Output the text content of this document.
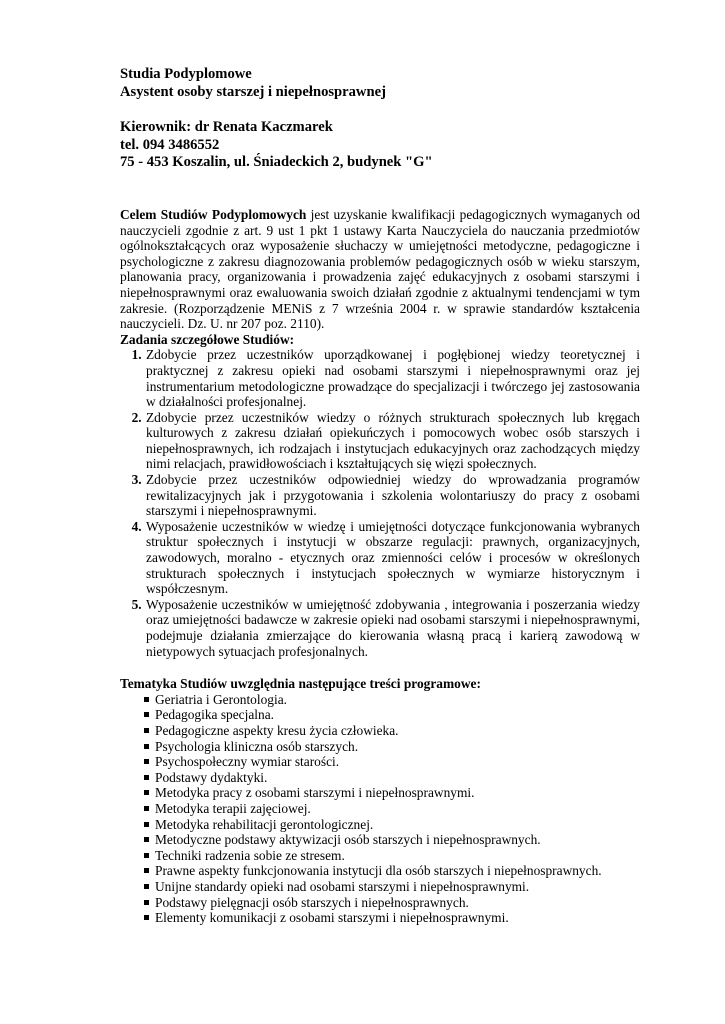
Studia Podyplomowe
Asystent osoby starszej i niepełnosprawnej
Kierownik: dr Renata Kaczmarek
tel. 094 3486552
75 - 453 Koszalin, ul. Śniadeckich 2, budynek "G"

Celem Studiów Podyplomowych jest uzyskanie kwalifikacji pedagogicznych wymaganych od nauczycieli zgodnie z art. 9 ust 1 pkt 1 ustawy Karta Nauczyciela do nauczania przedmiotów ogólnokształcących oraz wyposażenie słuchaczy w umiejętności metodyczne, pedagogiczne i psychologiczne z zakresu diagnozowania problemów pedagogicznych osób w wieku starszym, planowania pracy, organizowania i prowadzenia zajęć edukacyjnych z osobami starszymi i niepełnosprawnymi oraz ewaluowania swoich działań zgodnie z aktualnymi tendencjami w tym zakresie. (Rozporządzenie MENiS z 7 września 2004 r. w sprawie standardów kształcenia nauczycieli. Dz. U. nr 207 poz. 2110).

Zadania szczegółowe Studiów:

1. Zdobycie przez uczestników uporządkowanej i pogłębionej wiedzy teoretycznej i praktycznej z zakresu opieki nad osobami starszymi i niepełnosprawnymi oraz jej instrumentarium metodologiczne prowadzące do specjalizacji i twórczego jej zastosowania w działalności profesjonalnej.
2. Zdobycie przez uczestników wiedzy o różnych strukturach społecznych lub kręgach kulturowych z zakresu działań opiekuńczych i pomocowych wobec osób starszych i niepełnosprawnych, ich rodzajach i instytucjach edukacyjnych oraz zachodzących między nimi relacjach, prawidłowościach i kształtujących się więzi społecznych.
3. Zdobycie przez uczestników odpowiedniej wiedzy do wprowadzania programów rewitalizacyjnych jak i przygotowania i szkolenia wolontariuszy do pracy z osobami starszymi i niepełnosprawnymi.
4. Wyposażenie uczestników w wiedzę i umiejętności dotyczące funkcjonowania wybranych struktur społecznych i instytucji w obszarze regulacji: prawnych, organizacyjnych, zawodowych, moralno - etycznych oraz zmienności celów i procesów w określonych strukturach społecznych i instytucjach społecznych w wymiarze historycznym i współczesnym.
5. Wyposażenie uczestników w umiejętność zdobywania , integrowania i poszerzania wiedzy oraz umiejętności badawcze w zakresie opieki nad osobami starszymi i niepełnosprawnymi, podejmuje działania zmierzające do kierowania własną pracą i karierą zawodową w nietypowych sytuacjach profesjonalnych.

Tematyka Studiów uwzględnia następujące treści programowe:

Geriatria i Gerontologia.
Pedagogika specjalna.
Pedagogiczne aspekty kresu życia człowieka.
Psychologia kliniczna osób starszych.
Psychospołeczny wymiar starości.
Podstawy dydaktyki.
Metodyka pracy z osobami starszymi i niepełnosprawnymi.
Metodyka terapii zajęciowej.
Metodyka rehabilitacji gerontologicznej.
Metodyczne podstawy aktywizacji osób starszych i niepełnosprawnych.
Techniki radzenia sobie ze stresem.
Prawne aspekty funkcjonowania instytucji dla osób starszych i niepełnosprawnych.
Unijne standardy opieki nad osobami starszymi i niepełnosprawnymi.
Podstawy pielęgnacji osób starszych i niepełnosprawnych.
Elementy komunikacji z osobami starszymi i niepełnosprawnymi.
